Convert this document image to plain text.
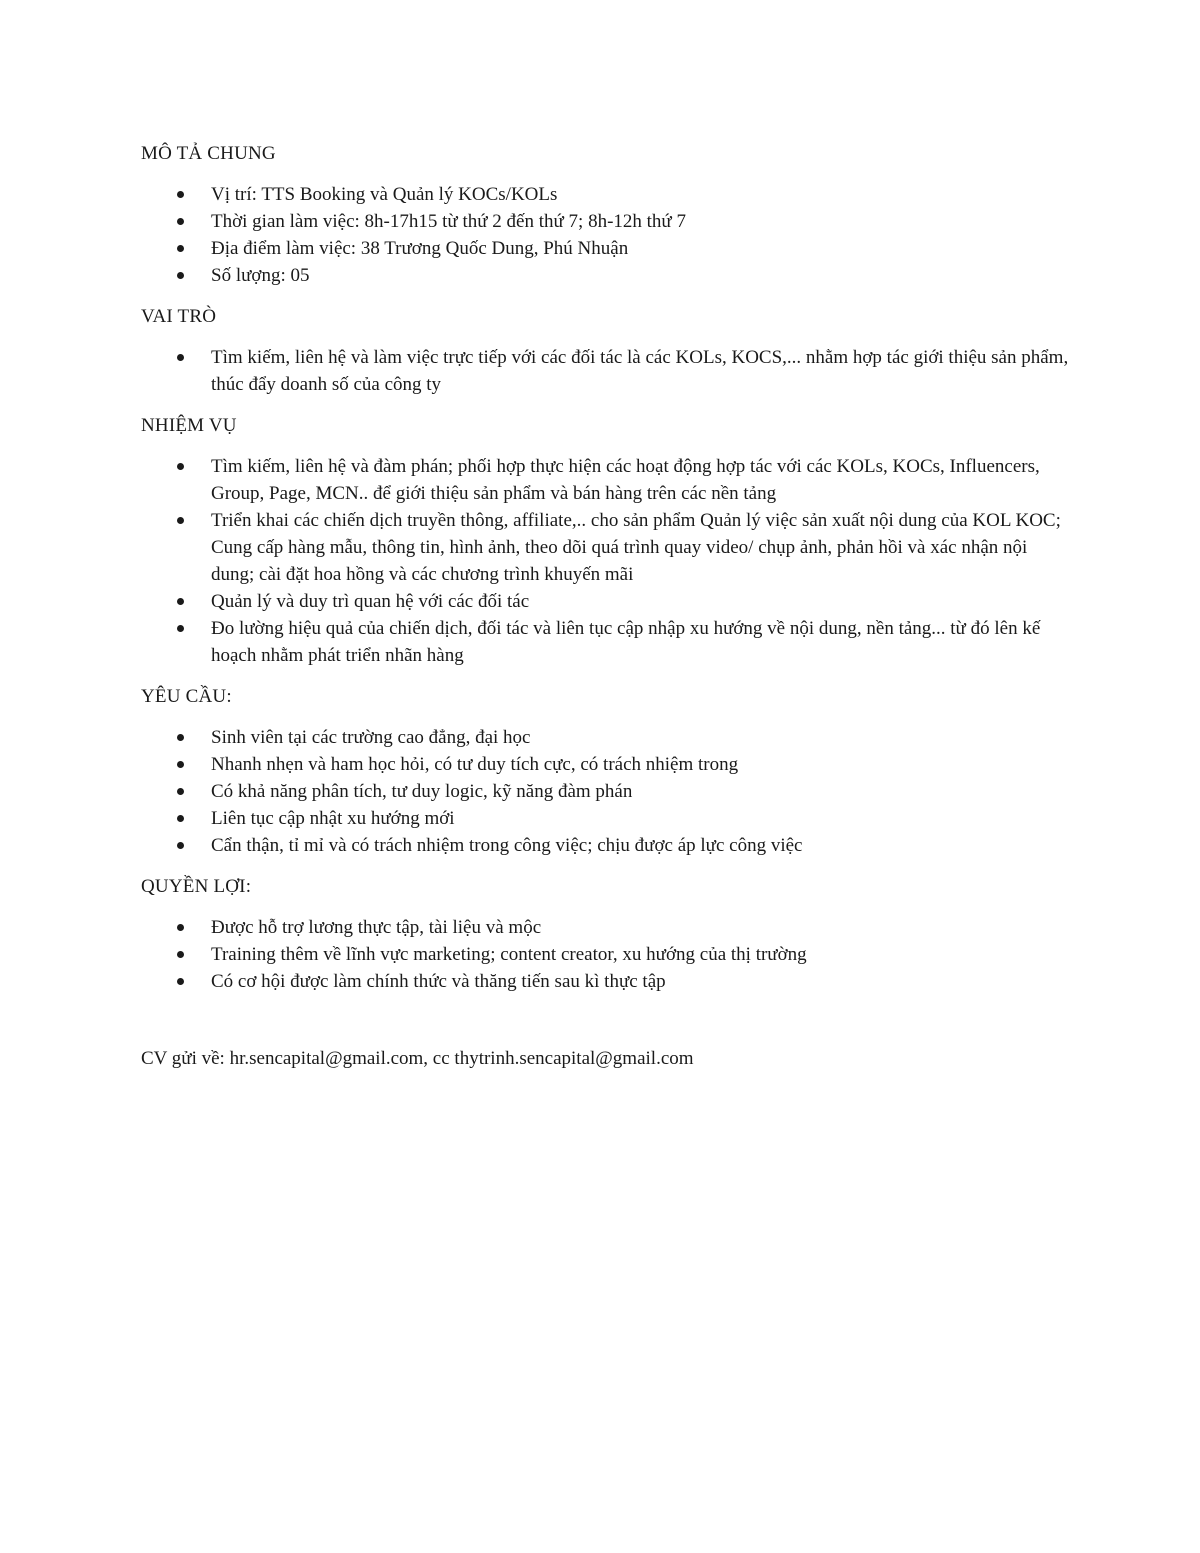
MÔ TẢ CHUNG
Vị trí: TTS Booking và Quản lý KOCs/KOLs
Thời gian làm việc: 8h-17h15 từ thứ 2 đến thứ 7; 8h-12h thứ 7
Địa điểm làm việc: 38 Trương Quốc Dung, Phú Nhuận
Số lượng: 05
VAI TRÒ
Tìm kiếm, liên hệ và làm việc trực tiếp với các đối tác là các KOLs, KOCS,... nhằm hợp tác giới thiệu sản phẩm, thúc đẩy doanh số của công ty
NHIỆM VỤ
Tìm kiếm, liên hệ và đàm phán; phối hợp thực hiện các hoạt động hợp tác với các KOLs, KOCs, Influencers, Group, Page, MCN.. để giới thiệu sản phẩm và bán hàng trên các nền tảng
Triển khai các chiến dịch truyền thông, affiliate,.. cho sản phẩm Quản lý việc sản xuất nội dung của KOL KOC; Cung cấp hàng mẫu, thông tin, hình ảnh, theo dõi quá trình quay video/ chụp ảnh, phản hồi và xác nhận nội dung; cài đặt hoa hồng và các chương trình khuyến mãi
Quản lý và duy trì quan hệ với các đối tác
Đo lường hiệu quả của chiến dịch, đối tác và liên tục cập nhập xu hướng về nội dung, nền tảng... từ đó lên kế hoạch nhằm phát triển nhãn hàng
YÊU CẦU:
Sinh viên tại các trường cao đẳng, đại học
Nhanh nhẹn và ham học hỏi, có tư duy tích cực, có trách nhiệm trong
Có khả năng phân tích, tư duy logic, kỹ năng đàm phán
Liên tục cập nhật xu hướng mới
Cẩn thận, tỉ mỉ và có trách nhiệm trong công việc; chịu được áp lực công việc
QUYỀN LỢI:
Được hỗ trợ lương thực tập, tài liệu và mộc
Training thêm về lĩnh vực marketing; content creator, xu hướng của thị trường
Có cơ hội được làm chính thức và thăng tiến sau kì thực tập
CV gửi về: hr.sencapital@gmail.com, cc thytrinh.sencapital@gmail.com
